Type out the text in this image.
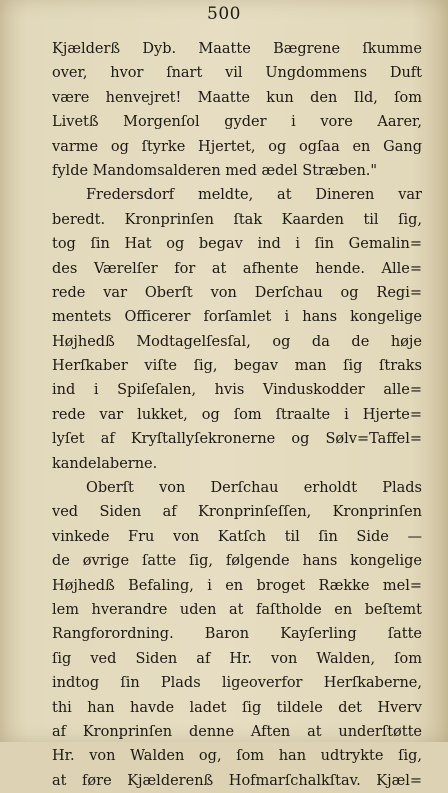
500
Kjælderß Dyb. Maatte Bægrene ſkumme
over, hvor ſnart vil Ungdommens Duft
være henvejret! Maatte kun den Ild, ſom
Livetß Morgenſol gyder i vore Aarer,
varme og ſtyrke Hjertet, og ogſaa en Gang
fylde Mandomsalderen med ædel Stræben."
Fredersdorf meldte, at Dineren var
beredt. Kronprinſen ſtak Kaarden til ſig,
tog ſin Hat og begav ind i ſin Gemalin=
des Værelſer for at afhente hende. Alle=
rede var Oberſt von Derſchau og Regi=
mentets Officerer forſamlet i hans kongelige
Højhedß Modtagelſesſal, og da de høje
Herſkaber viſte ſig, begav man ſig ſtraks
ind i Spiſeſalen, hvis Vinduskodder alle=
rede var lukket, og ſom ſtraalte i Hjerte=
lyſet af Kryſtallyſekronerne og Sølv=Taffel=
kandelaberne.
Oberſt von Derſchau erholdt Plads
ved Siden af Kronprinſeſſen, Kronprinſen
vinkede Fru von Katſch til ſin Side —
de øvrige ſatte ſig, følgende hans kongelige
Højhedß Befaling, i en broget Række mel=
lem hverandre uden at faſtholde en beſtemt
Rangforordning. Baron Kayſerling ſatte
ſig ved Siden af Hr. von Walden, ſom
indtog ſin Plads ligeoverfor Herſkaberne,
thi han havde ladet ſig tildele det Hverv
af Kronprinſen denne Aften at underſtøtte
Hr. von Walden og, ſom han udtrykte ſig,
at føre Kjælderenß Hofmarſchalkſtav. Kjæl=
